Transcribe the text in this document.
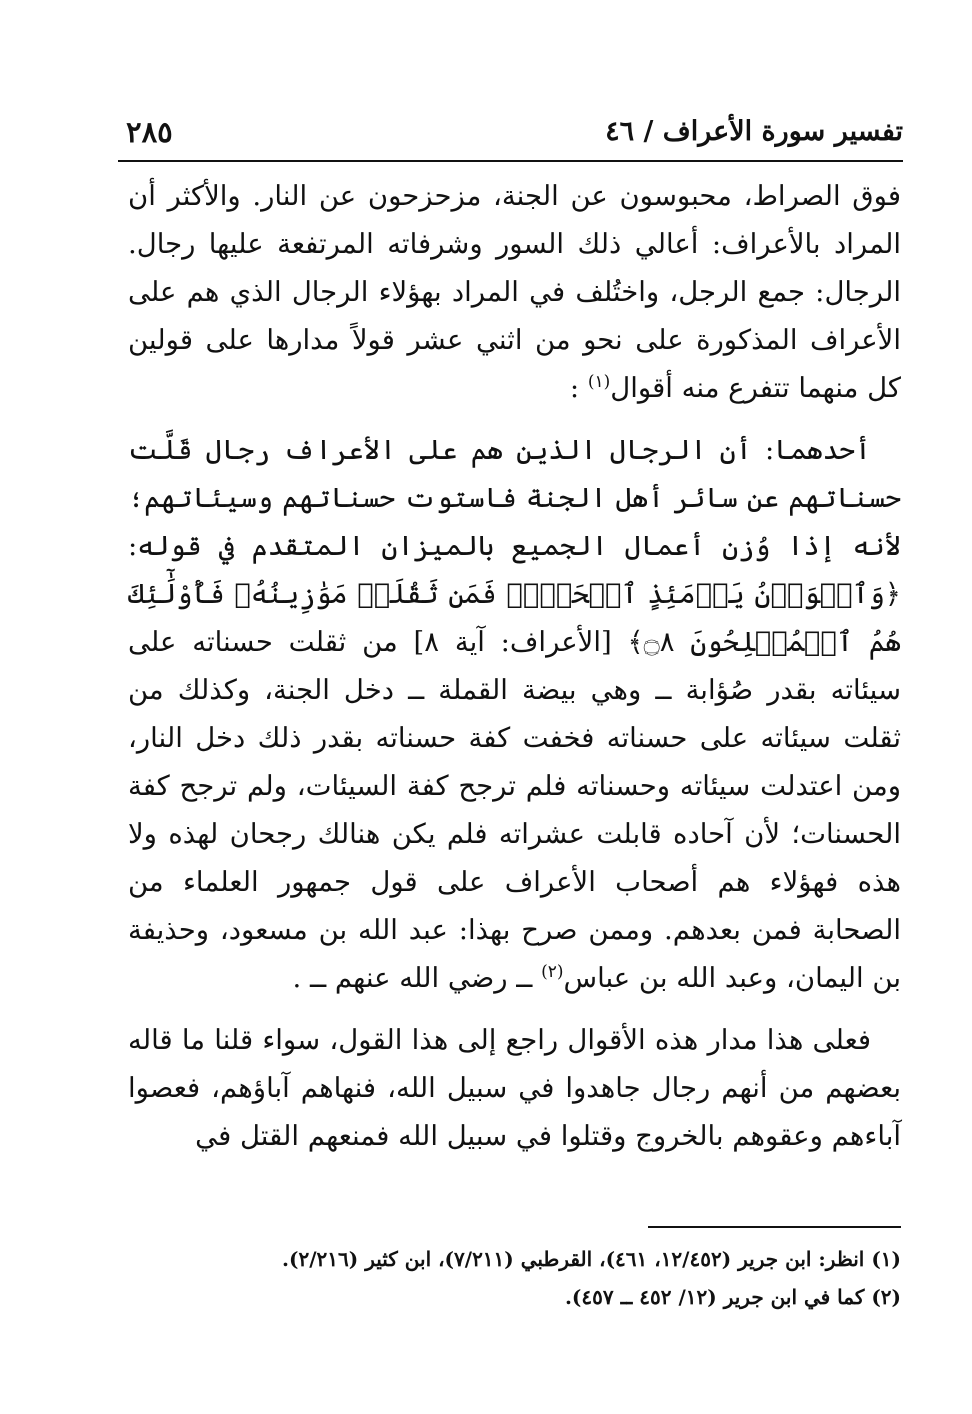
تفسير سورة الأعراف / ٤٦
٢٨٥

فوق الصراط، محبوسون عن الجنة، مزحزحون عن النار. والأكثر أن المراد بالأعراف: أعالي ذلك السور وشرفاته المرتفعة عليها رجال. الرجال: جمع الرجل، واختُلف في المراد بهؤلاء الرجال الذي هم على الأعراف المذكورة على نحو من اثني عشر قولاً مدارها على قولين كل منهما تتفرع منه أقوال$^{(١)}$ :

أحدهما: أن الرجال الذين هم على الأعراف رجال قَلَّت حسناتهم عن سائر أهل الجنة فاستوت حسناتهم وسيئاتهم؛ لأنه إذا وُزن أعمال الجميع بالميزان المتقدم في قوله: ﴿وَٱلۡوَزۡنُ يَوۡمَئِذٍ ٱلۡحَقُّۚ فَمَن ثَقُلَتۡ مَوَٰزِينُهُۥ فَأُوْلَٰٓئِكَ هُمُ ٱلۡمُفۡلِحُونَ ۝٨﴾ [الأعراف: آية ٨] من ثقلت حسناته على سيئاته بقدر صُؤابة ــ وهي بيضة القملة ــ دخل الجنة، وكذلك من ثقلت سيئاته على حسناته فخفت كفة حسناته بقدر ذلك دخل النار، ومن اعتدلت سيئاته وحسناته فلم ترجح كفة السيئات، ولم ترجح كفة الحسنات؛ لأن آحاده قابلت عشراته فلم يكن هنالك رجحان لهذه ولا هذه فهؤلاء هم أصحاب الأعراف على قول جمهور العلماء من الصحابة فمن بعدهم. وممن صرح بهذا: عبد الله بن مسعود، وحذيفة بن اليمان، وعبد الله بن عباس$^{(٢)}$ ــ رضي الله عنهم ــ .

فعلى هذا مدار هذه الأقوال راجع إلى هذا القول، سواء قلنا ما قاله بعضهم من أنهم رجال جاهدوا في سبيل الله، فنهاهم آباؤهم، فعصوا آباءهم وعقوهم بالخروج وقتلوا في سبيل الله فمنعهم القتل في

(١) انظر: ابن جرير (١٢/٤٥٢، ٤٦١)، القرطبي (٧/٢١١)، ابن كثير (٢/٢١٦).

(٢) كما في ابن جرير (١٢/ ٤٥٢ ــ ٤٥٧).
